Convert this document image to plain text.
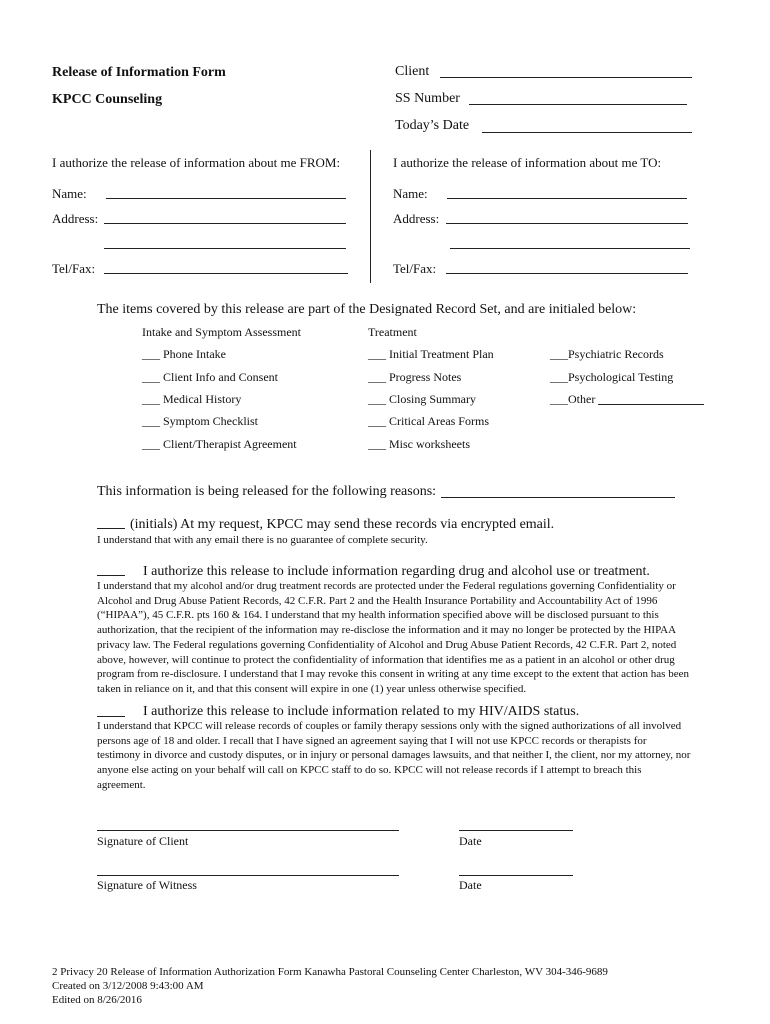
Release of Information Form
KPCC Counseling
Client
SS Number
Today’s Date
I authorize the release of information about me FROM:
Name:
Address:
Tel/Fax:
I authorize the release of information about me TO:
Name:
Address:
Tel/Fax:
The items covered by this release are part of the Designated Record Set, and are initialed below:
Intake and Symptom Assessment	Treatment
___ Phone Intake
___ Client Info and Consent
___ Medical History
___ Symptom Checklist
___ Client/Therapist Agreement
___ Initial Treatment Plan
___ Progress Notes
___ Closing Summary
___ Critical Areas Forms
___ Misc worksheets
___Psychiatric Records
___Psychological Testing
___Other
This information is being released for the following reasons:
(initials) At my request, KPCC may send these records via encrypted email.
I understand that with any email there is no guarantee of complete security.
I authorize this release to include information regarding drug and alcohol use or treatment.
I understand that my alcohol and/or drug treatment records are protected under the Federal regulations governing Confidentiality or
Alcohol and Drug Abuse Patient Records, 42 C.F.R. Part 2 and the Health Insurance Portability and Accountability Act of 1996
(“HIPAA”), 45 C.F.R. pts 160 & 164. I understand that my health information specified above will be disclosed pursuant to this
authorization, that the recipient of the information may re-disclose the information and it may no longer be protected by the HIPAA
privacy law. The Federal regulations governing Confidentiality of Alcohol and Drug Abuse Patient Records, 42 C.F.R. Part 2, noted
above, however, will continue to protect the confidentiality of information that identifies me as a patient in an alcohol or other drug
program from re-disclosure. I understand that I may revoke this consent in writing at any time except to the extent that action has been
taken in reliance on it, and that this consent will expire in one (1) year unless otherwise specified.
I authorize this release to include information related to my HIV/AIDS status.
I understand that KPCC will release records of couples or family therapy sessions only with the signed authorizations of all involved
persons age of 18 and older. I recall that I have signed an agreement saying that I will not use KPCC records or therapists for
testimony in divorce and custody disputes, or in injury or personal damages lawsuits, and that neither I, the client, nor my attorney, nor
anyone else acting on your behalf will call on KPCC staff to do so. KPCC will not release records if I attempt to breach this
agreement.
Signature of Client	Date
Signature of Witness	Date
2 Privacy 20 Release of Information Authorization Form Kanawha Pastoral Counseling Center Charleston, WV 304-346-9689
Created on 3/12/2008 9:43:00 AM
Edited on 8/26/2016
